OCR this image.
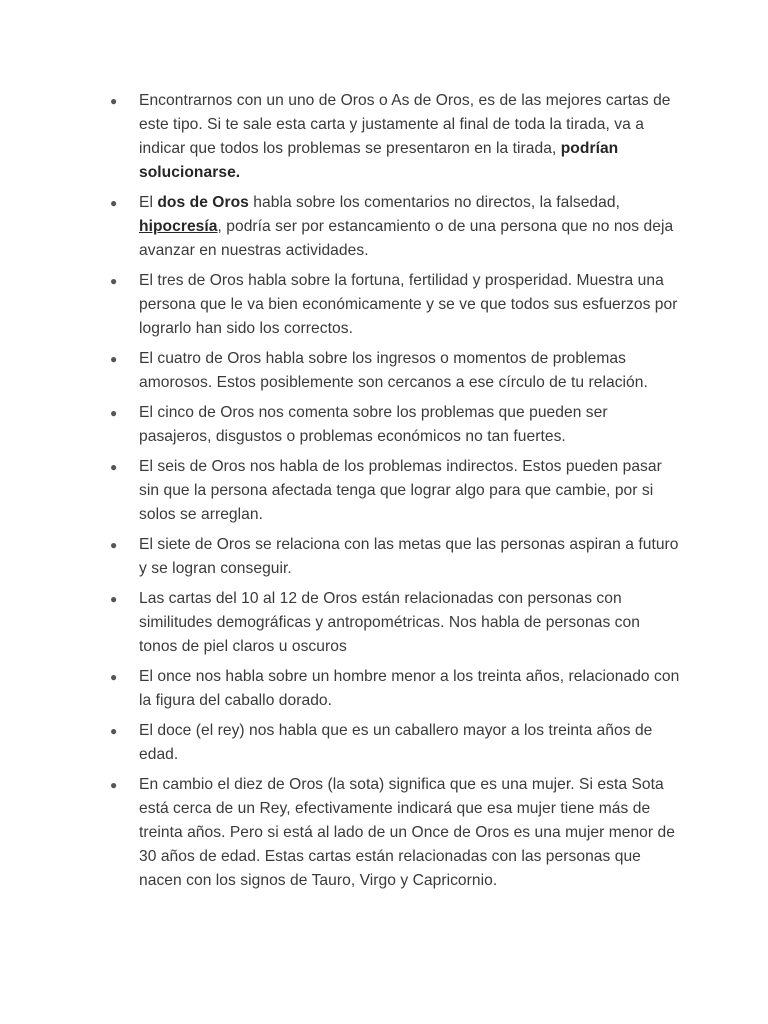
● Encontrarnos con un uno de Oros o As de Oros, es de las mejores cartas de este tipo. Si te sale esta carta y justamente al final de toda la tirada, va a indicar que todos los problemas se presentaron en la tirada, podrían solucionarse.
● El dos de Oros habla sobre los comentarios no directos, la falsedad, hipocresía, podría ser por estancamiento o de una persona que no nos deja avanzar en nuestras actividades.
● El tres de Oros habla sobre la fortuna, fertilidad y prosperidad. Muestra una persona que le va bien económicamente y se ve que todos sus esfuerzos por lograrlo han sido los correctos.
● El cuatro de Oros habla sobre los ingresos o momentos de problemas amorosos. Estos posiblemente son cercanos a ese círculo de tu relación.
● El cinco de Oros nos comenta sobre los problemas que pueden ser pasajeros, disgustos o problemas económicos no tan fuertes.
● El seis de Oros nos habla de los problemas indirectos. Estos pueden pasar sin que la persona afectada tenga que lograr algo para que cambie, por si solos se arreglan.
● El siete de Oros se relaciona con las metas que las personas aspiran a futuro y se logran conseguir.
● Las cartas del 10 al 12 de Oros están relacionadas con personas con similitudes demográficas y antropométricas. Nos habla de personas con tonos de piel claros u oscuros
● El once nos habla sobre un hombre menor a los treinta años, relacionado con la figura del caballo dorado.
● El doce (el rey) nos habla que es un caballero mayor a los treinta años de edad.
● En cambio el diez de Oros (la sota) significa que es una mujer. Si esta Sota está cerca de un Rey, efectivamente indicará que esa mujer tiene más de treinta años. Pero si está al lado de un Once de Oros es una mujer menor de 30 años de edad. Estas cartas están relacionadas con las personas que nacen con los signos de Tauro, Virgo y Capricornio.
